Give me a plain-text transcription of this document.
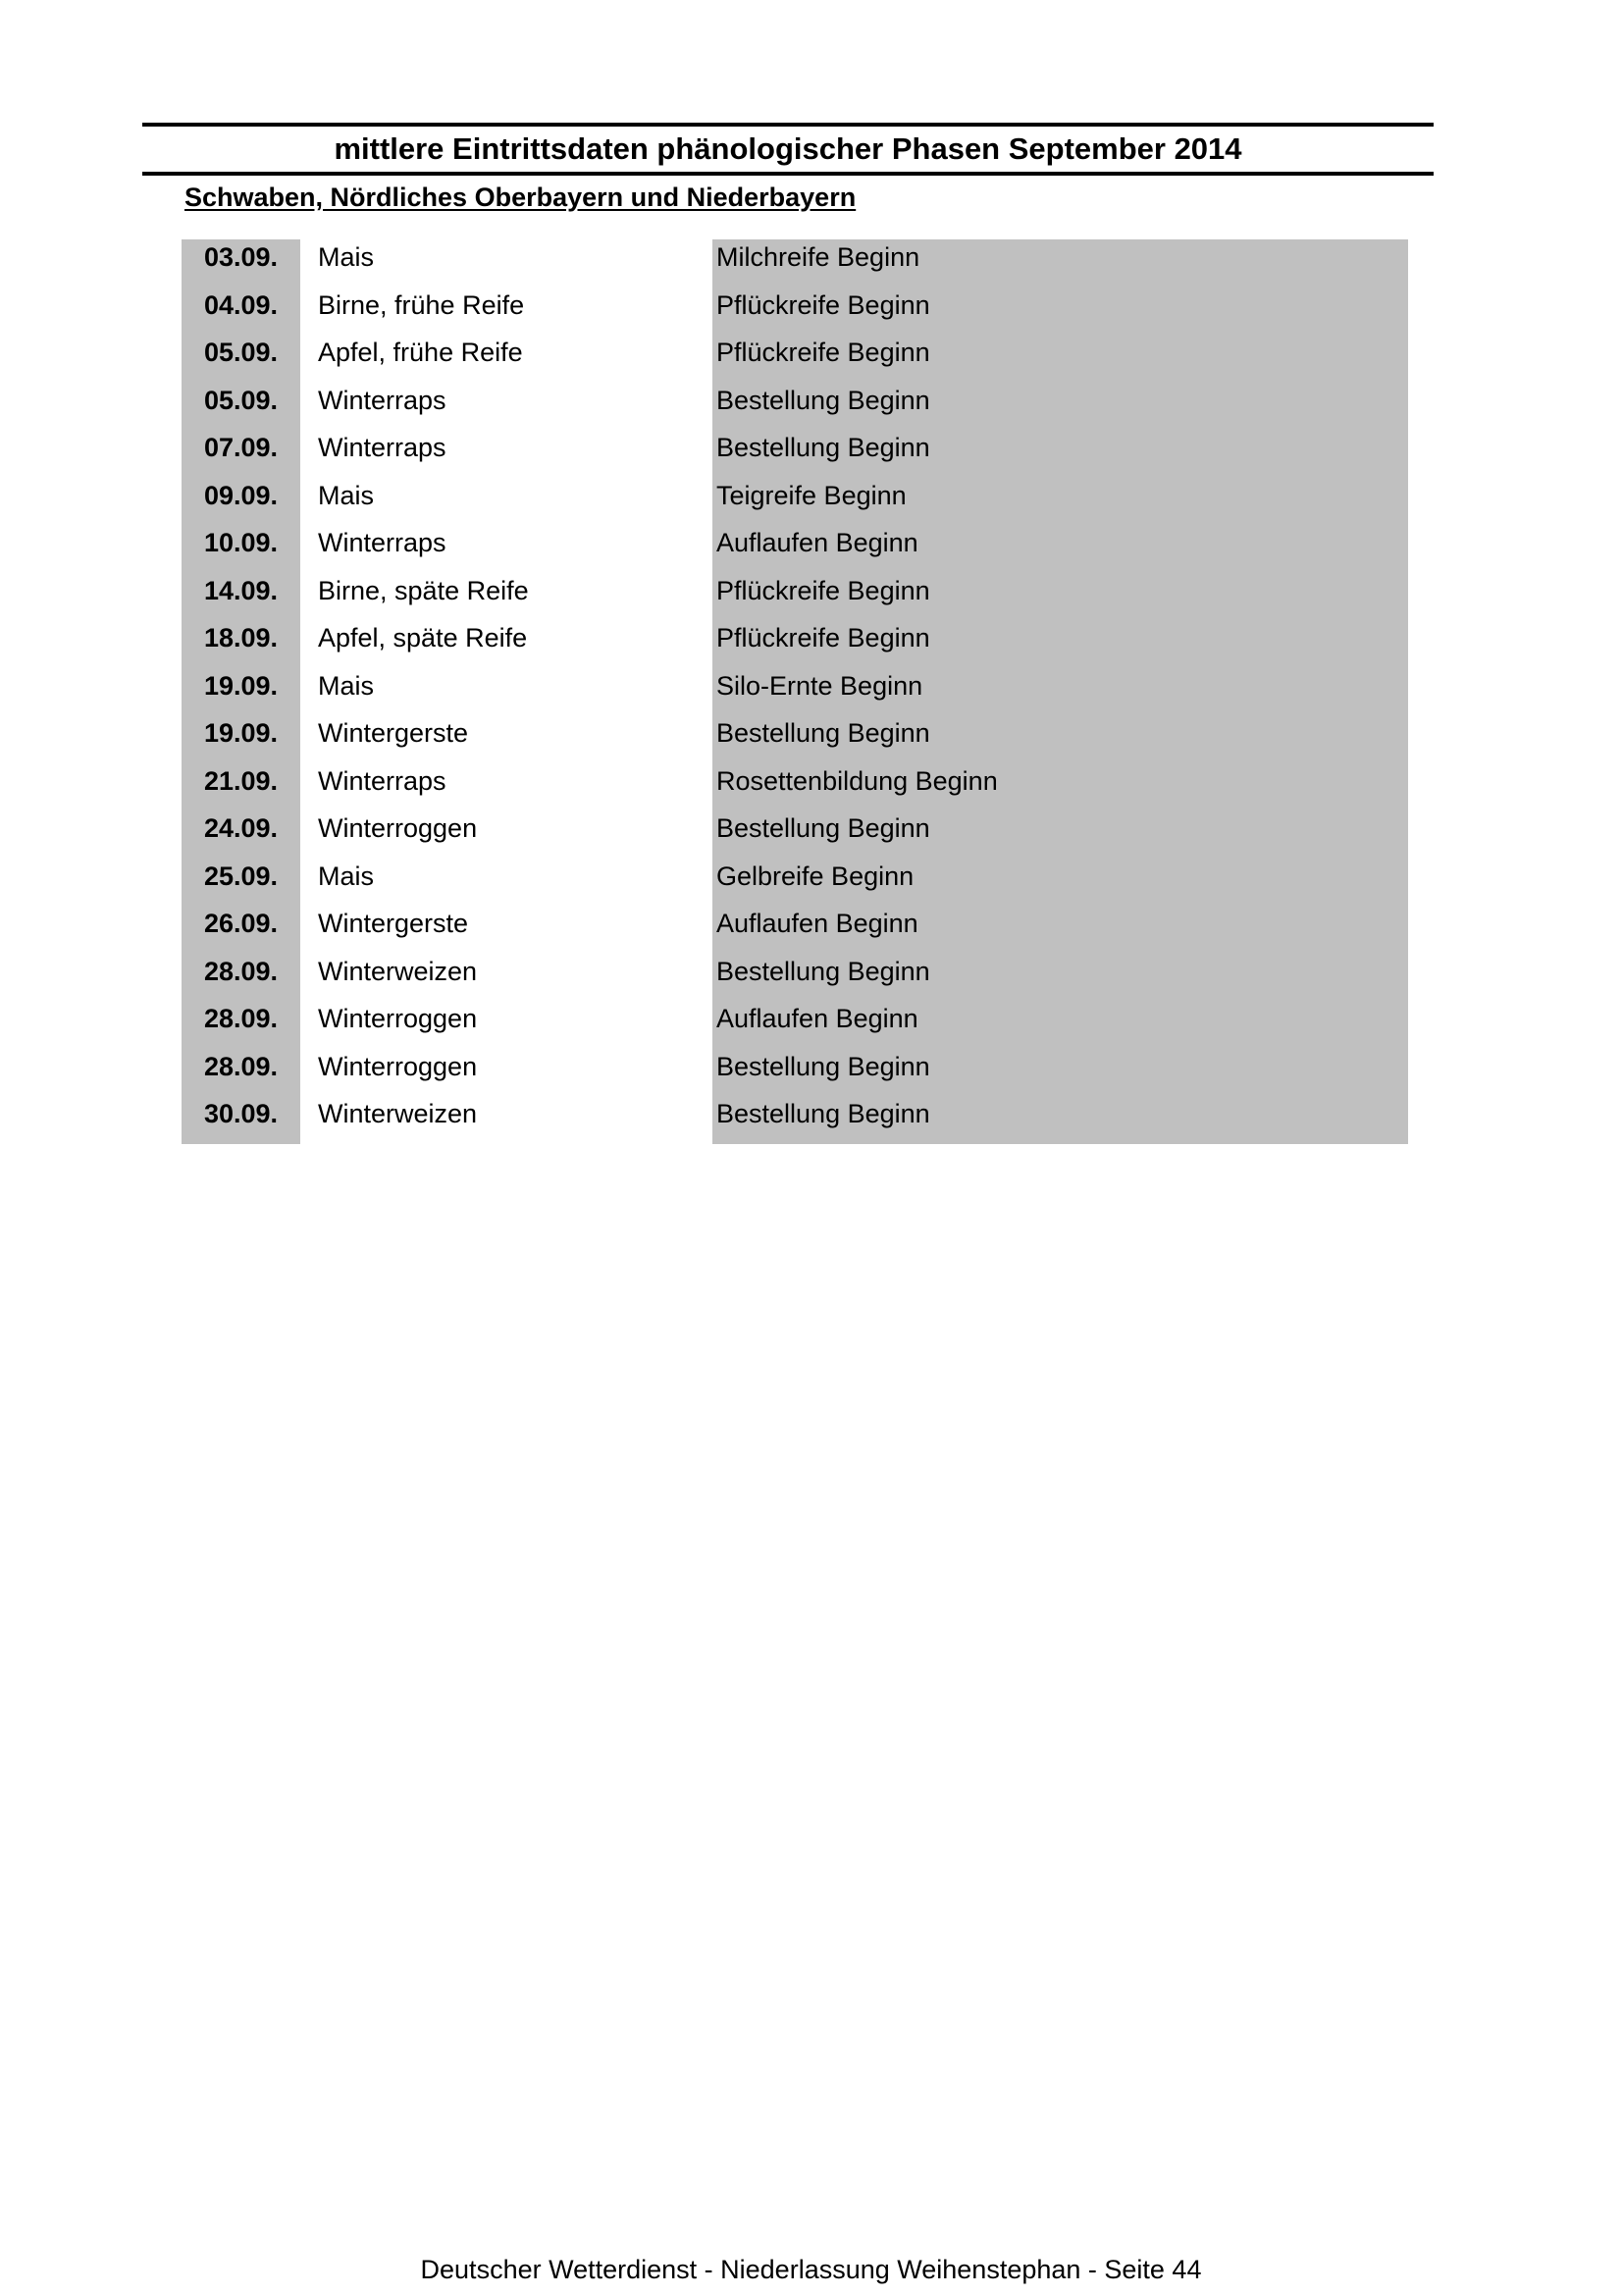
mittlere Eintrittsdaten phänologischer Phasen September 2014
Schwaben, Nördliches Oberbayern und Niederbayern
03.09.	Mais	Milchreife Beginn
04.09.	Birne, frühe Reife	Pflückreife Beginn
05.09.	Apfel, frühe Reife	Pflückreife Beginn
05.09.	Winterraps	Bestellung Beginn
07.09.	Winterraps	Bestellung Beginn
09.09.	Mais	Teigreife Beginn
10.09.	Winterraps	Auflaufen Beginn
14.09.	Birne, späte Reife	Pflückreife Beginn
18.09.	Apfel, späte Reife	Pflückreife Beginn
19.09.	Mais	Silo-Ernte Beginn
19.09.	Wintergerste	Bestellung Beginn
21.09.	Winterraps	Rosettenbildung Beginn
24.09.	Winterroggen	Bestellung Beginn
25.09.	Mais	Gelbreife Beginn
26.09.	Wintergerste	Auflaufen Beginn
28.09.	Winterweizen	Bestellung Beginn
28.09.	Winterroggen	Auflaufen Beginn
28.09.	Winterroggen	Bestellung Beginn
30.09.	Winterweizen	Bestellung Beginn
Deutscher Wetterdienst - Niederlassung Weihenstephan - Seite 44
